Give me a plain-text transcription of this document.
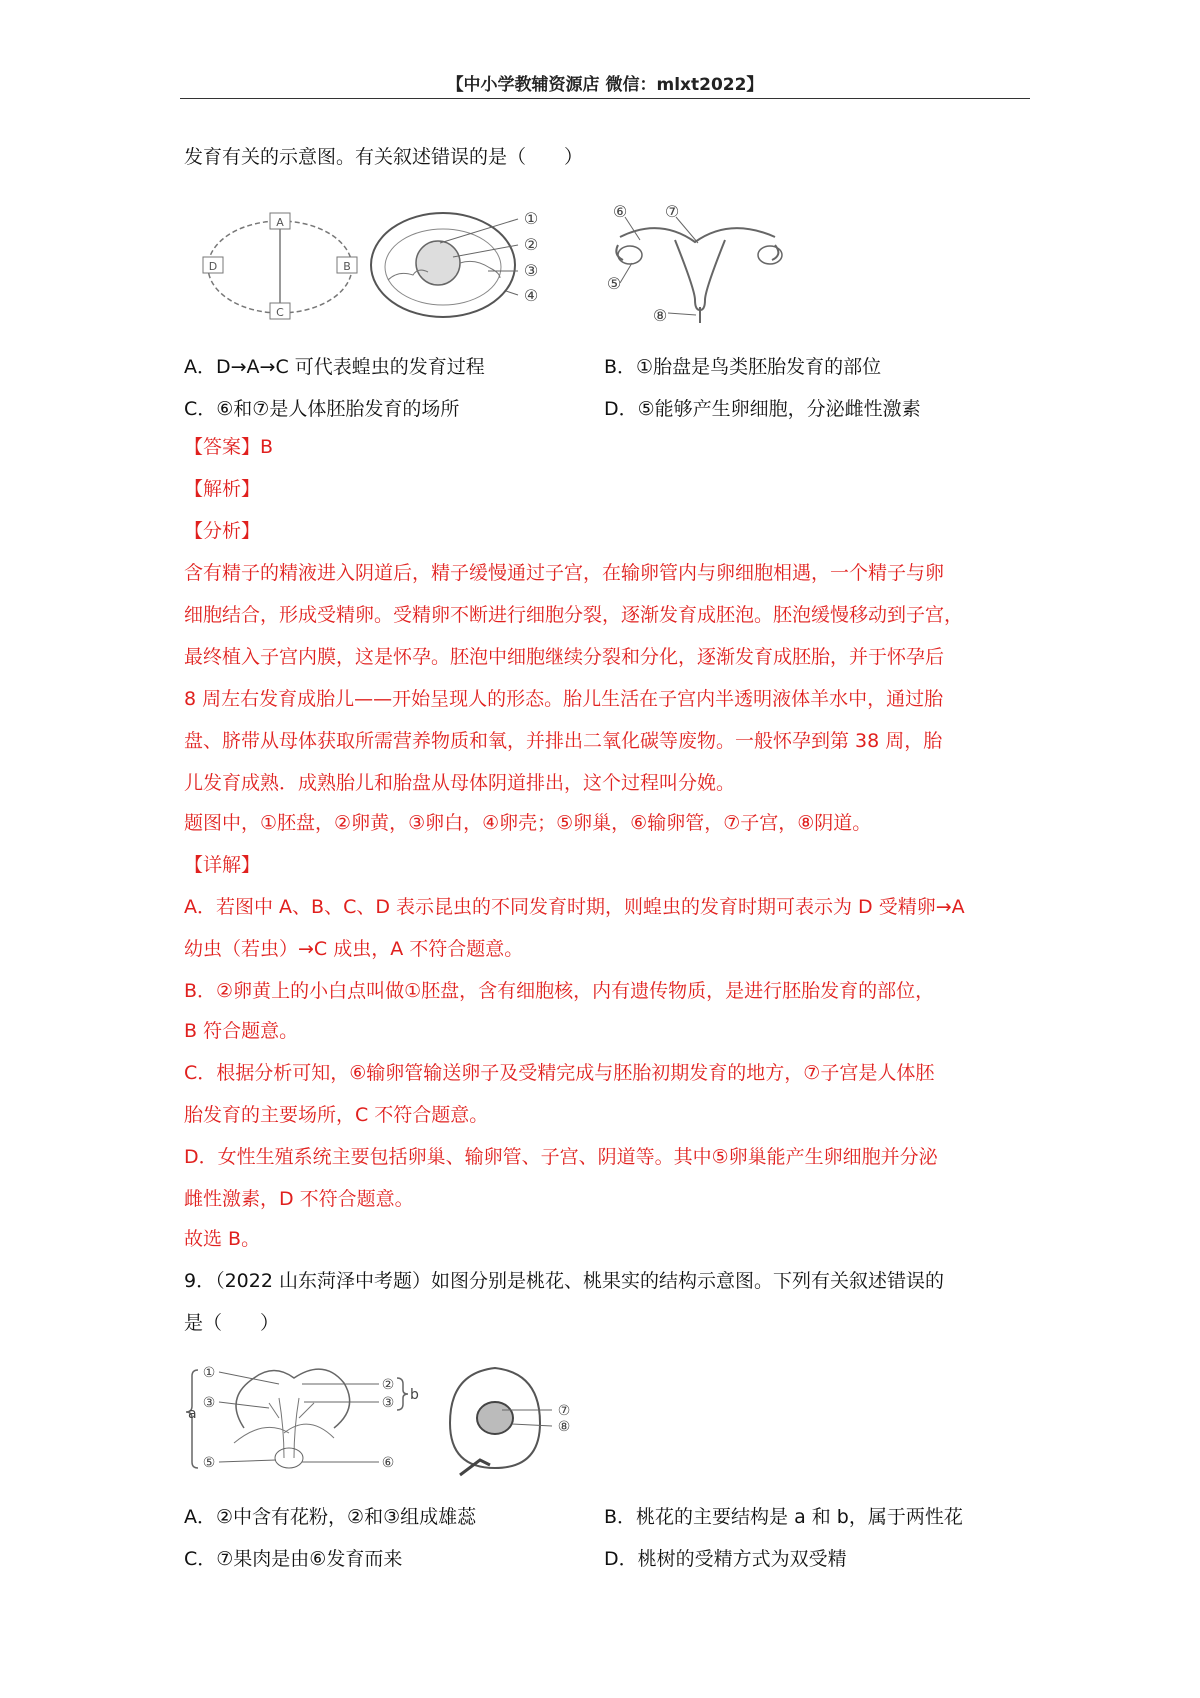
【中小学教辅资源店 微信：mlxt2022】
发育有关的示意图。有关叙述错误的是（　　）
A
B
C
D
①
②
③
④
⑥ ⑦
⑤
⑧
A．D→A→C 可代表蝗虫的发育过程	B．①胎盘是鸟类胚胎发育的部位
C．⑥和⑦是人体胚胎发育的场所	D．⑤能够产生卵细胞，分泌雌性激素
【答案】B
【解析】
【分析】
含有精子的精液进入阴道后，精子缓慢通过子宫，在输卵管内与卵细胞相遇，一个精子与卵
细胞结合，形成受精卵。受精卵不断进行细胞分裂，逐渐发育成胚泡。胚泡缓慢移动到子宫，
最终植入子宫内膜，这是怀孕。胚泡中细胞继续分裂和分化，逐渐发育成胚胎，并于怀孕后
8 周左右发育成胎儿——开始呈现人的形态。胎儿生活在子宫内半透明液体羊水中，通过胎
盘、脐带从母体获取所需营养物质和氧，并排出二氧化碳等废物。一般怀孕到第 38 周，胎
儿发育成熟．成熟胎儿和胎盘从母体阴道排出，这个过程叫分娩。
题图中，①胚盘，②卵黄，③卵白，④卵壳；⑤卵巢，⑥输卵管，⑦子宫，⑧阴道。
【详解】
A．若图中 A、B、C、D 表示昆虫的不同发育时期，则蝗虫的发育时期可表示为 D 受精卵→A
幼虫（若虫）→C 成虫，A 不符合题意。
B．②卵黄上的小白点叫做①胚盘，含有细胞核，内有遗传物质，是进行胚胎发育的部位，
B 符合题意。
C．根据分析可知，⑥输卵管输送卵子及受精完成与胚胎初期发育的地方，⑦子宫是人体胚
胎发育的主要场所，C 不符合题意。
D．女性生殖系统主要包括卵巢、输卵管、子宫、阴道等。其中⑤卵巢能产生卵细胞并分泌
雌性激素，D 不符合题意。
故选 B。
9．（2022 山东菏泽中考题）如图分别是桃花、桃果实的结构示意图。下列有关叙述错误的
是（　　）
a
b
①
③
⑤
②
③
⑥
⑦
⑧
A．②中含有花粉，②和③组成雄蕊	B．桃花的主要结构是 a 和 b，属于两性花
C．⑦果肉是由⑥发育而来	D．桃树的受精方式为双受精
